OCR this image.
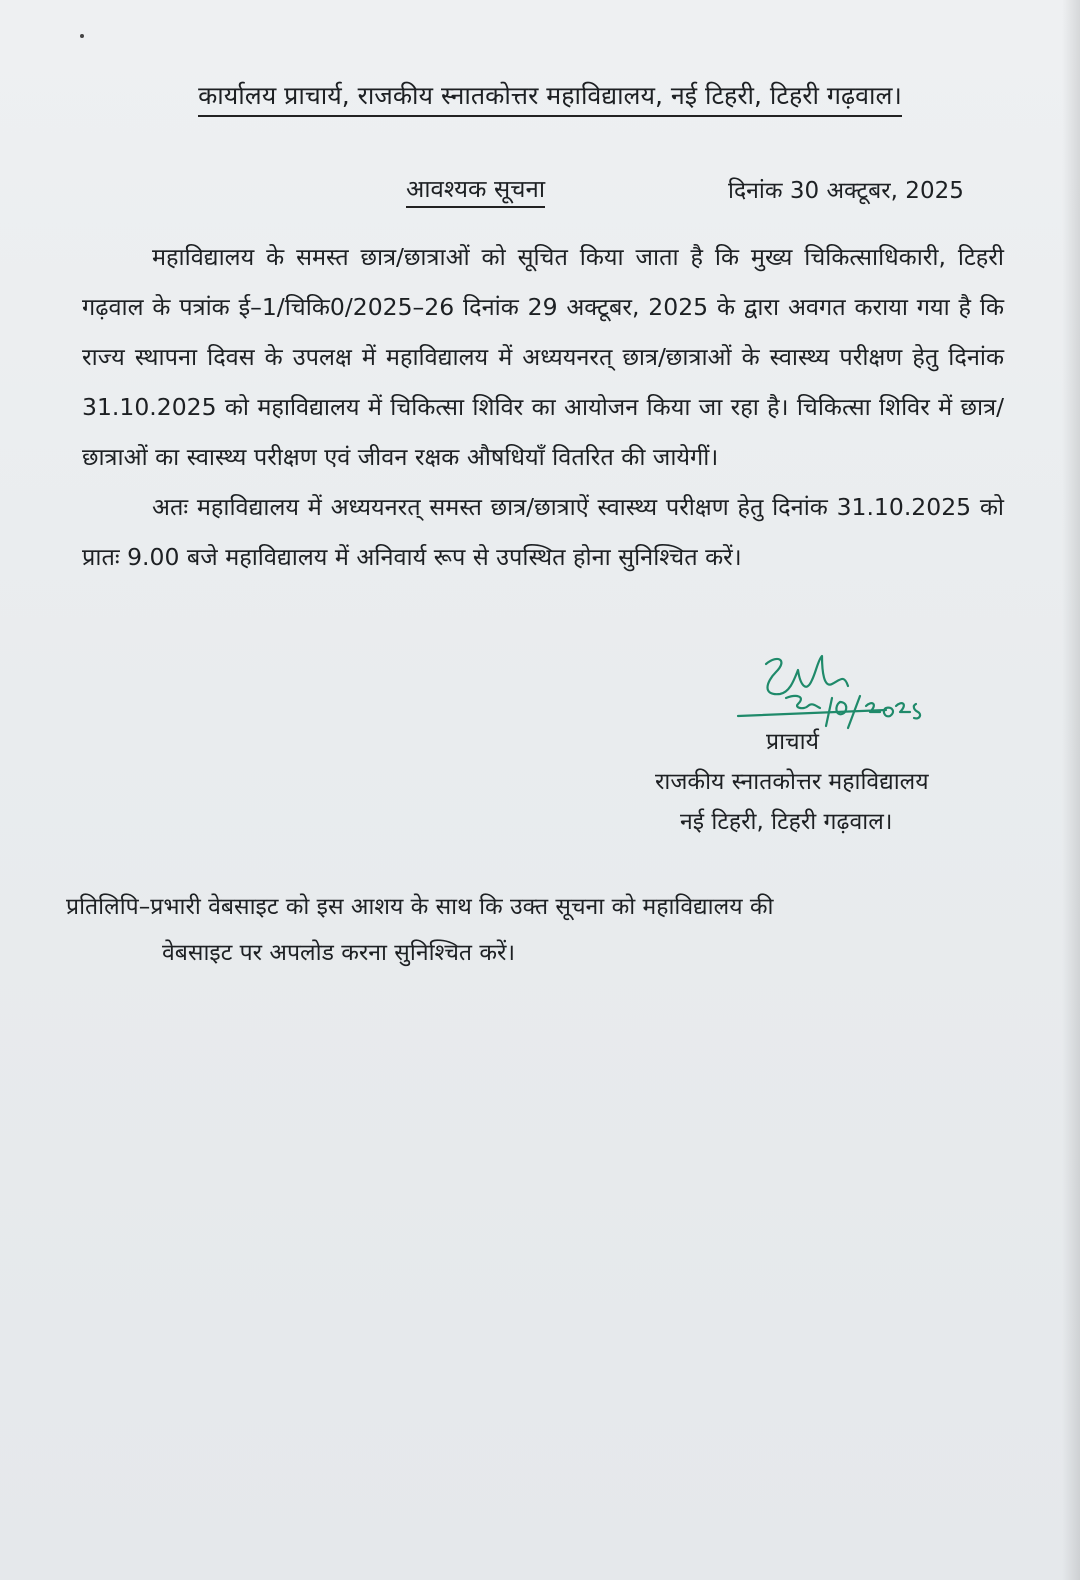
कार्यालय प्राचार्य, राजकीय स्नातकोत्तर महाविद्यालय, नई टिहरी, टिहरी गढ़वाल।
आवश्यक सूचना	दिनांक 30 अक्टूबर, 2025

महाविद्यालय के समस्त छात्र/छात्राओं को सूचित किया जाता है कि मुख्य चिकित्साधिकारी, टिहरी गढ़वाल के पत्रांक ई–1/चिकि0/2025–26 दिनांक 29 अक्टूबर, 2025 के द्वारा अवगत कराया गया है कि राज्य स्थापना दिवस के उपलक्ष में महाविद्यालय में अध्ययनरत् छात्र/छात्राओं के स्वास्थ्य परीक्षण हेतु दिनांक 31.10.2025 को महाविद्यालय में चिकित्सा शिविर का आयोजन किया जा रहा है। चिकित्सा शिविर में छात्र/छात्राओं का स्वास्थ्य परीक्षण एवं जीवन रक्षक औषधियॉं वितरित की जायेगीं।

अतः महाविद्यालय में अध्ययनरत् समस्त छात्र/छात्राऐं स्वास्थ्य परीक्षण हेतु दिनांक 31.10.2025 को प्रातः 9.00 बजे महाविद्यालय में अनिवार्य रूप से उपस्थित होना सुनिश्चित करें।

प्राचार्य
राजकीय स्नातकोत्तर महाविद्यालय
नई टिहरी, टिहरी गढ़वाल।
प्रतिलिपि–प्रभारी वेबसाइट को इस आशय के साथ कि उक्त सूचना को महाविद्यालय की
वेबसाइट पर अपलोड करना सुनिश्चित करें।
